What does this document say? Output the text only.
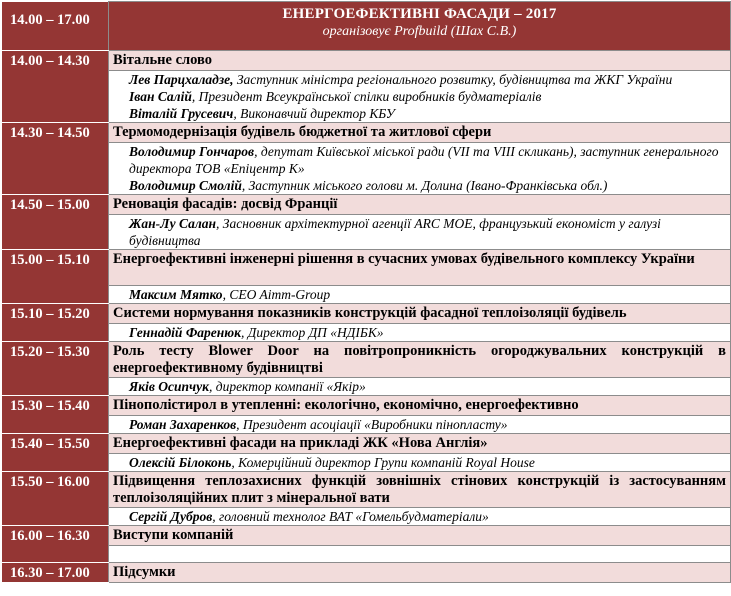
14.00 – 17.00	ЕНЕРГОЕФЕКТИВНІ ФАСАДИ – 2017
організовує Profbuild (Шах С.В.)

14.00 – 14.30	Вітальне слово

	Лев Парцхаладзе, Заступник міністра регіонального розвитку, будівництва та ЖКГ України
Іван Салій, Президент Всеукраїнської спілки виробників будматеріалів
Віталій Грусевич, Виконавчий директор КБУ

14.30 – 14.50	Термомодернізація будівель бюджетної та житлової сфери

	Володимир Гончаров, депутат Київської міської ради (VII та VIII скликань), заступник генерального директора ТОВ «Епіцентр К»
Володимир Смолій, Заступник міського голови м. Долина (Івано-Франківська обл.)

14.50 – 15.00	Реновація фасадів: досвід Франції

	Жан-Лу Салан, Засновник архітектурної агенції ARC MOE, французький економіст у галузі будівництва

15.00 – 15.10	Енергоефективні інженерні рішення в сучасних умовах будівельного комплексу України

	Максим Мятко, CEO Aimm-Group

15.10 – 15.20	Системи нормування показників конструкцій фасадної теплоізоляції будівель

	Геннадій Фаренюк, Директор ДП «НДІБК»

15.20 – 15.30	Роль тесту Blower Door на повітропроникність огороджувальних конструкцій в енергоефективному будівництві

	Яків Осипчук, директор компанії «Якір»

15.30 – 15.40	Пінополістирол в утепленні: екологічно, економічно, енергоефективно

	Роман Захаренков, Президент асоціації «Виробники пінопласту»

15.40 – 15.50	Енергоефективні фасади на прикладі ЖК «Нова Англія»

	Олексій Білоконь, Комерційний директор Групи компаній Royal House

15.50 – 16.00	Підвищення теплозахисних функцій зовнішніх стінових конструкцій із застосуванням теплоізоляційних плит з мінеральної вати

	Сергій Дубров, головний технолог ВАТ «Гомельбудматеріали»

16.00 – 16.30	Виступи компаній

16.30 – 17.00	Підсумки
